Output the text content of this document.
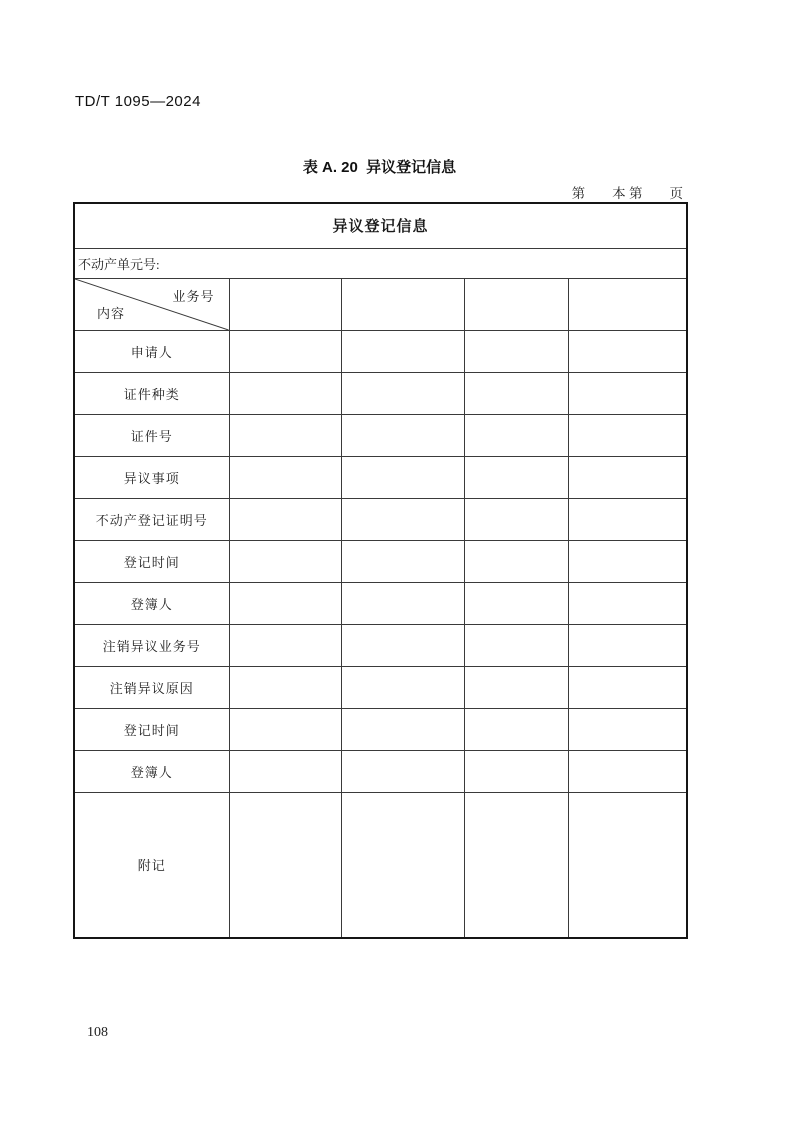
TD/T 1095—2024
表 A. 20  异议登记信息
第　　本 第　　页
异议登记信息				
不动产单元号:				

业务号
内容				

申请人				
证件种类				
证件号				
异议事项				
不动产登记证明号				
登记时间				
登簿人				
注销异议业务号				
注销异议原因				
登记时间				
登簿人				
附记				
108
